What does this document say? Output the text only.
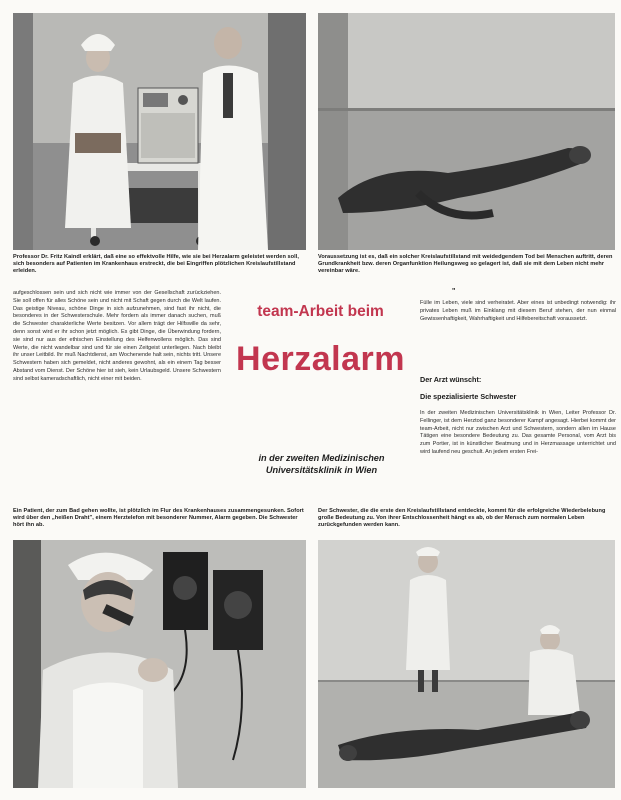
Professor Dr. Fritz Kaindl erklärt, daß eine so effektvolle Hilfe, wie sie bei Herzalarm geleistet werden soll, sich besonders auf Patienten im Krankenhaus erstreckt, die bei Eingriffen plötzlichen Kreislaufstillstand erleiden.

Voraussetzung ist es, daß ein solcher Kreislaufstillstand mit weidedgendem Tod bei Menschen auftritt, deren Grundkrankheit bzw. deren Organfunktion Heilungsweg so gelagert ist, daß sie mit dem Leben nicht mehr vereinbar wäre.

aufgeschlossen sein und sich nicht wie immer von der Gesellschaft zurückziehen. Sie soll offen für alles Schöne sein und nicht mit Schaft gegen durch die Welt laufen. Das geistige Niveau, schöne Dinge in sich aufzunehmen, sind fast ihr nicht, die besonderes in der Schwesterschule. Mehr fordern als immer danach suchen, muß die Schwester charakterliche Werte besitzen. Vor allem trägt der Hilfswille da sehr, denn sonst wird er ihr schon jetzt möglich. Es gibt Dinge, die Überwindung fordern, sie sind nur aus der ethischen Einstellung des Helfenwollens möglich. Das sind Werte, die nicht wandelbar sind und für sie einen Zeitgeist unterliegen. Nach bleibt ihr unser Leitbild. Ihr muß Nachtdienst, am Wochenende halt sein, nichts tritt. Unsere Schwestern haben sich gemeldet, nicht anderes gewohnt, als ein einem Tag besser Abstand vom Dienst. Der Schöne hier ist sieh, kein Urlaubsgeld. Unsere Schwestern sind selbst kameradschaftlich, nicht einer mit beiden.

team-Arbeit beim
Herzalarm
in der zweiten Medizinischen Universitätsklinik in Wien
"

Fülle im Leben, viele sind verheiratet. Aber eines ist unbedingt notwendig: ihr privates Leben muß im Einklang mit diesem Beruf stehen, der nun einmal Gewissenhaftigkeit, Wahrhaftigkeit und Hilfebereitschaft voraussetzt.

Der Arzt wünscht:

Die spezialisierte Schwester

In der zweiten Medizinischen Universitätsklinik in Wien, Leiter Professor Dr. Fellinger, ist dem Herztod ganz besonderer Kampf angesagt. Hierbei kommt der team-Arbeit, nicht nur zwischen Arzt und Schwestern, sondern allen im Hause Tätigen eine besondere Bedeutung zu. Das gesamte Personal, vom Arzt bis zum Portier, ist in künstlicher Beatmung und in Herzmassage unterrichtet und wird laufend neu geschult. An jedem ersten Frei-

Ein Patient, der zum Bad gehen wollte, ist plötzlich im Flur des Krankenhauses zusammengesunken. Sofort wird über den „heißen Draht", einem Herztelefon mit besonderer Nummer, Alarm gegeben. Die Schwester hört ihn ab.

Der Schwester, die die erste den Kreislaufstillstand entdeckte, kommt für die erfolgreiche Wiederbelebung große Bedeutung zu. Von ihrer Entschlossenheit hängt es ab, ob der Mensch zum normalen Leben zurückgefunden werden kann.
